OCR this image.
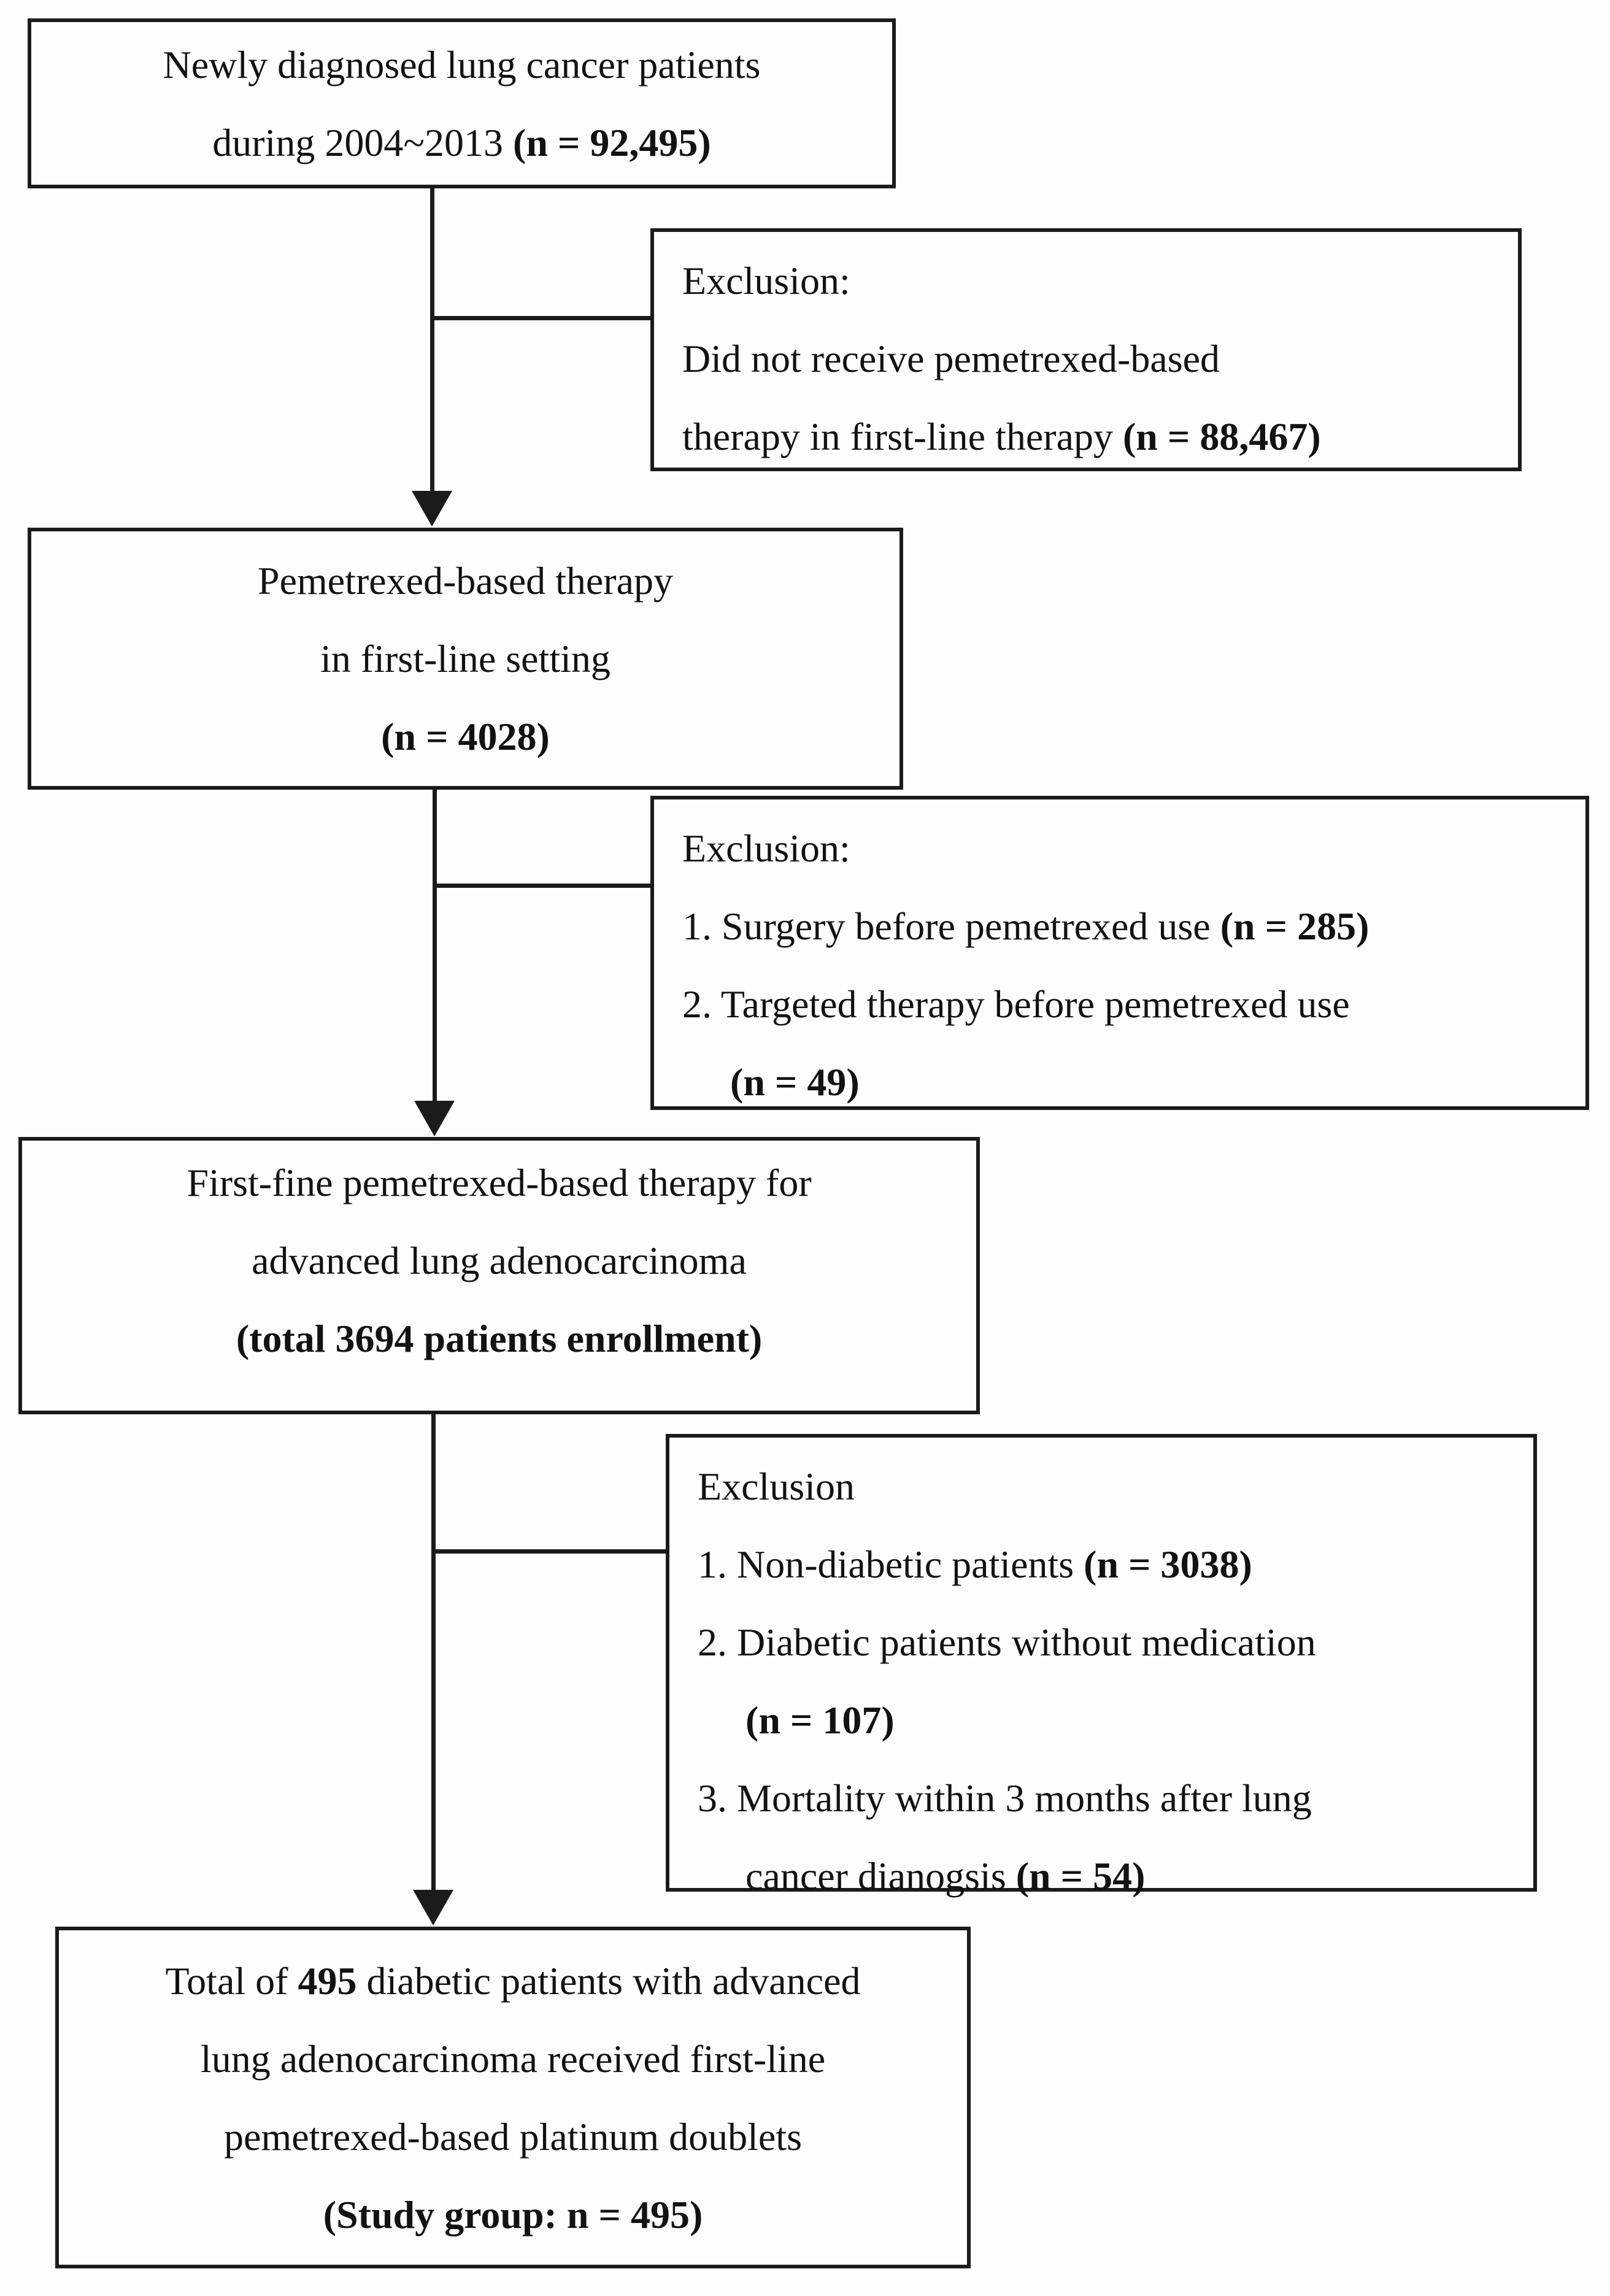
Newly diagnosed lung cancer patients
during 2004~2013 (n = 92,495)
Exclusion:
Did not receive pemetrexed-based
therapy in first-line therapy (n = 88,467)
Pemetrexed-based therapy
in first-line setting
(n = 4028)
Exclusion:
1. Surgery before pemetrexed use (n = 285)
2. Targeted therapy before pemetrexed use
(n = 49)
First-fine pemetrexed-based therapy for
advanced lung adenocarcinoma
(total 3694 patients enrollment)
Exclusion
1. Non-diabetic patients (n = 3038)
2. Diabetic patients without medication
(n = 107)
3. Mortality within 3 months after lung
cancer dianogsis (n = 54)
Total of 495 diabetic patients with advanced
lung adenocarcinoma received first-line
pemetrexed-based platinum doublets
(Study group: n = 495)
